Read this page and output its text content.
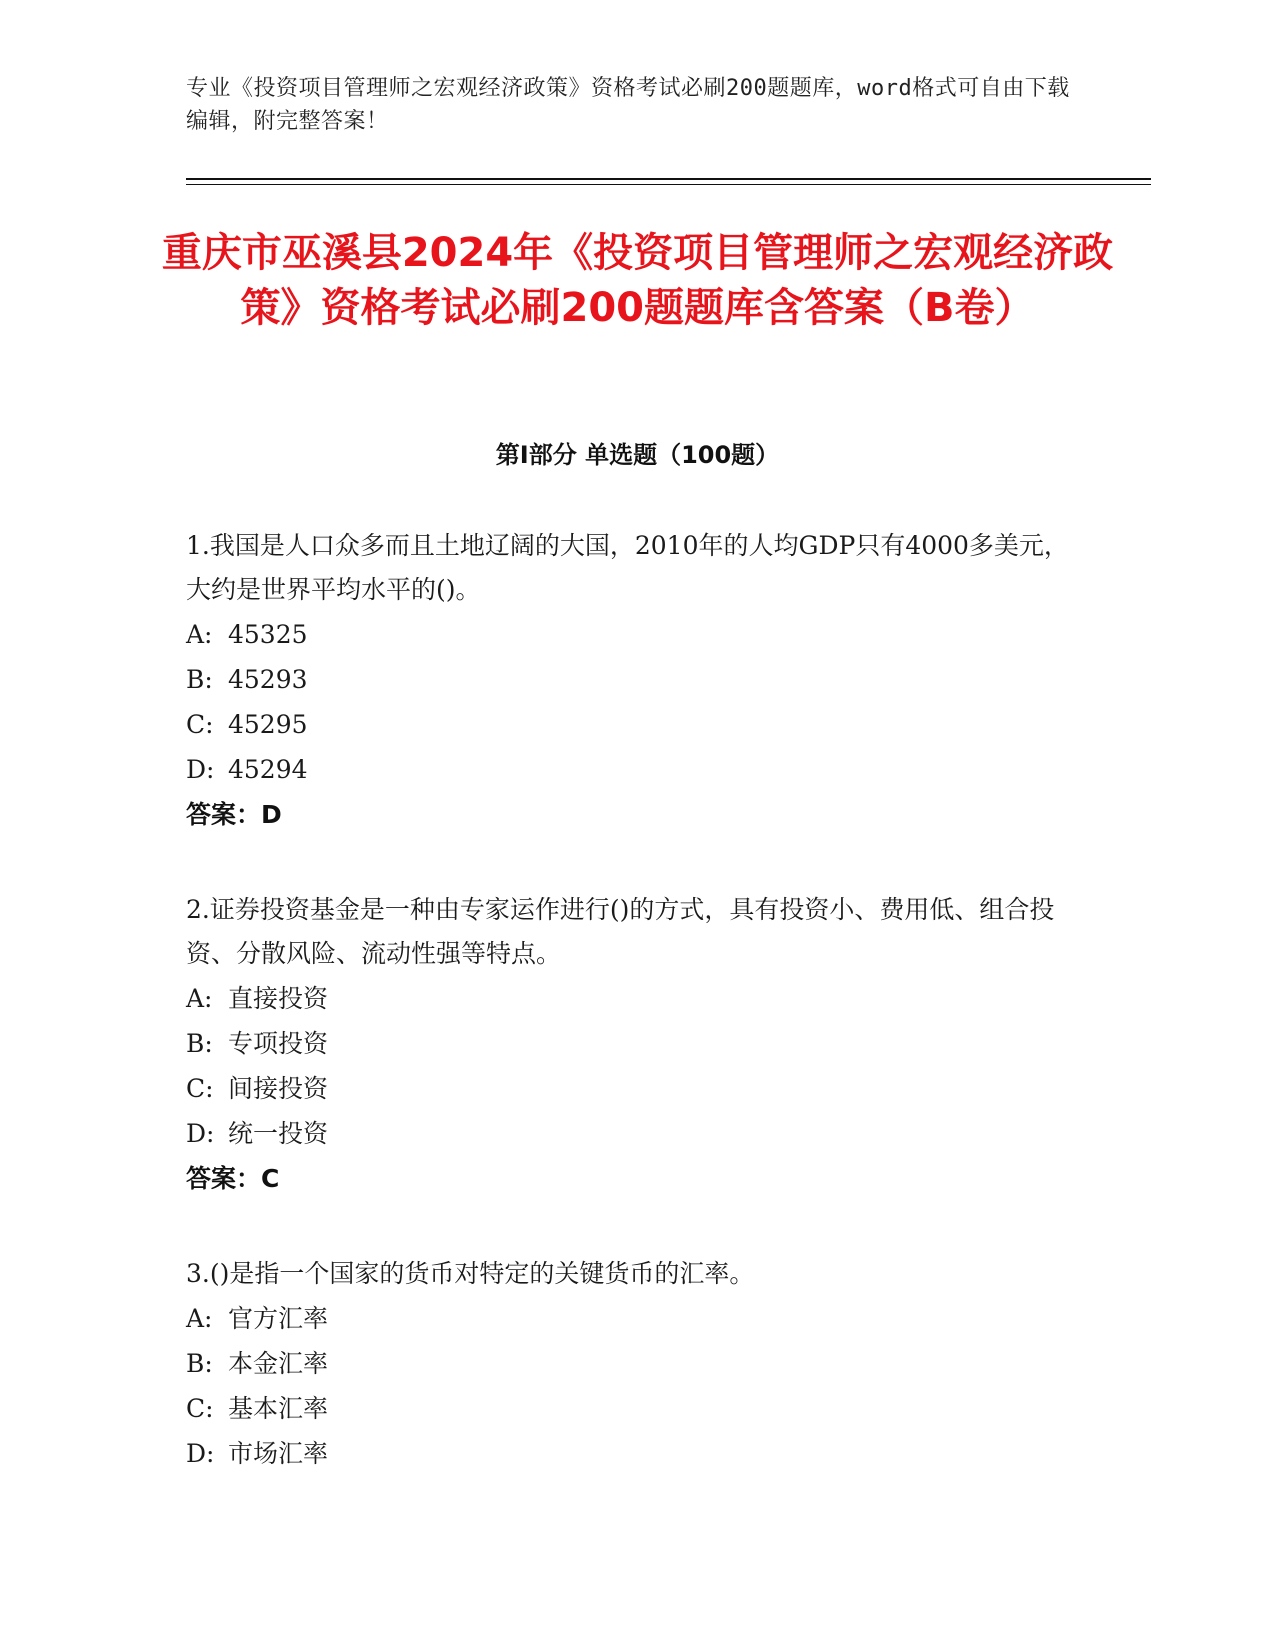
专业《投资项目管理师之宏观经济政策》资格考试必刷200题题库，word格式可自由下载编辑，附完整答案！
重庆市巫溪县2024年《投资项目管理师之宏观经济政策》资格考试必刷200题题库含答案（B卷）
第Ⅰ部分 单选题（100题）
1.我国是人口众多而且土地辽阔的大国，2010年的人均GDP只有4000多美元，大约是世界平均水平的()。
A: 45325
B: 45293
C: 45295
D: 45294
答案：D
2.证券投资基金是一种由专家运作进行()的方式，具有投资小、费用低、组合投资、分散风险、流动性强等特点。
A: 直接投资
B: 专项投资
C: 间接投资
D: 统一投资
答案：C
3.()是指一个国家的货币对特定的关键货币的汇率。
A: 官方汇率
B: 本金汇率
C: 基本汇率
D: 市场汇率
